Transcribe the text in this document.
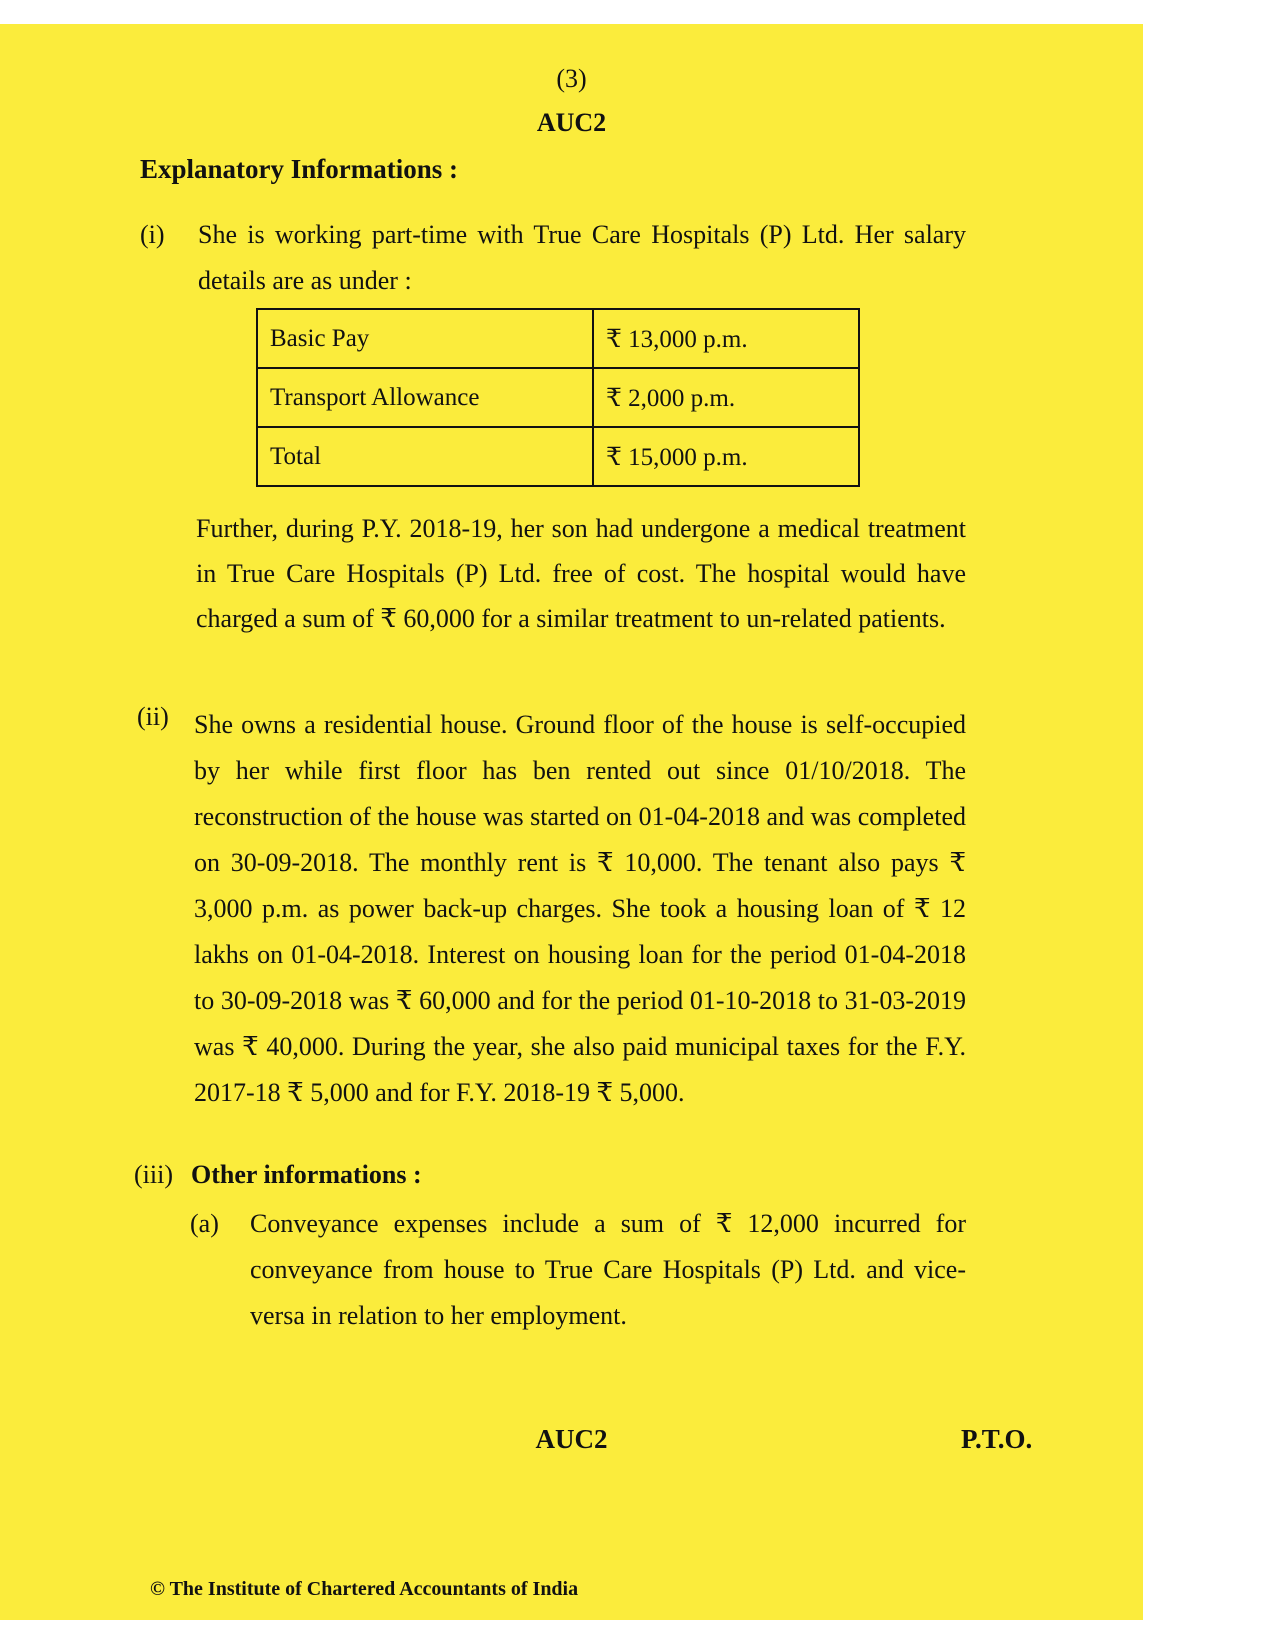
(3)
AUC2
Explanatory Informations :
(i) She is working part-time with True Care Hospitals (P) Ltd. Her salary details are as under :
Basic Pay	₹ 13,000 p.m.
Transport Allowance	₹ 2,000 p.m.
Total	₹ 15,000 p.m.
Further, during P.Y. 2018-19, her son had undergone a medical treatment in True Care Hospitals (P) Ltd. free of cost. The hospital would have charged a sum of ₹ 60,000 for a similar treatment to un-related patients.
(ii) She owns a residential house. Ground floor of the house is self-occupied by her while first floor has ben rented out since 01/10/2018. The reconstruction of the house was started on 01-04-2018 and was completed on 30-09-2018. The monthly rent is ₹ 10,000. The tenant also pays ₹ 3,000 p.m. as power back-up charges. She took a housing loan of ₹ 12 lakhs on 01-04-2018. Interest on housing loan for the period 01-04-2018 to 30-09-2018 was ₹ 60,000 and for the period 01-10-2018 to 31-03-2019 was ₹ 40,000. During the year, she also paid municipal taxes for the F.Y. 2017-18 ₹ 5,000 and for F.Y. 2018-19 ₹ 5,000.
(iii) Other informations :
(a) Conveyance expenses include a sum of ₹ 12,000 incurred for conveyance from house to True Care Hospitals (P) Ltd. and vice-versa in relation to her employment.
AUC2	P.T.O.
© The Institute of Chartered Accountants of India
